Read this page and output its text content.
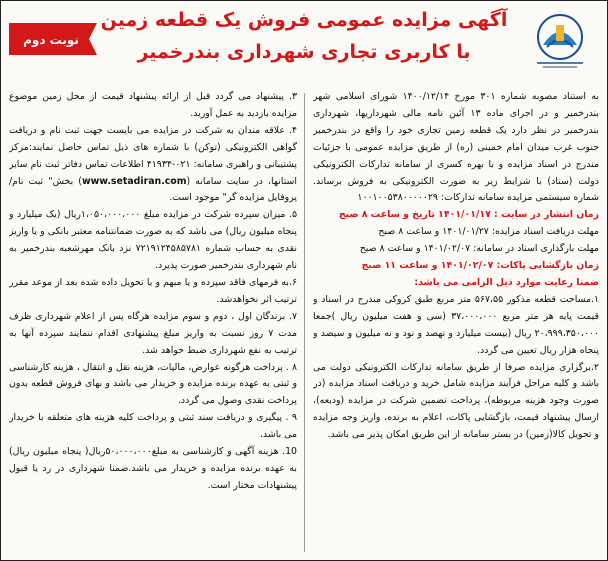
آگهی مزایده عمومی فروش یک قطعه زمین
با کاربری تجاری شهرداری بندرخمیر
نوبت دوم

به استناد مصوبه شماره ۳۰۱ مورخ ۱۴۰۰/۱۲/۱۴ شورای اسلامی شهر بندرخمیر و در اجرای ماده ۱۳ آئین نامه مالی شهرداریها، شهرداری بندرخمیر در نظر دارد یک قطعه زمین تجاری خود را واقع در بندرخمیر جنوب غرب میدان امام خمینی (ره) از طریق مزایده عمومی با جزئیات مندرج در اسناد مزایده و با بهره کسری از سامانه تدارکات الکترونیکی دولت (ستاد) با شرایط زیر به صورت الکترونیکی به فروش برساند. شماره سیستمی مزایده سامانه تدارکات: ۱۰۰۱۰۰۵۳۸۰۰۰۰۰۲۹

زمان انتشار در سایت : ۱۴۰۱/۰۱/۱۷ تاریخ و ساعت ۸ صبح

مهلت دریافت اسناد مزایده: ۱۴۰۱/۰۱/۲۷ و ساعت ۸ صبح

مهلت بارگذاری اسناد در سامانه: ۱۴۰۱/۰۲/۰۷ و ساعت ۸ صبح

زمان بازگشایی پاکات: ۱۴۰۱/۰۲/۰۷ و ساعت ۱۱ صبح

ضمنا رعایت موارد ذیل الزامی می باشد:

۱.مساحت قطعه مذکور ۵۶۷،۵۵ متر مربع طبق کروکی مندرج در اسناد و قیمت پایه هر متر مربع ۳۷،۰۰۰،۰۰۰ (سی و هفت میلیون ریال )جمعا ۲۰،۹۹۹،۳۵۰،۰۰۰ ریال (بیست میلیارد و نهصد و نود و نه میلیون و سیصد و پنجاه هزار ریال تعیین می گردد.

۲.برگزاری مزایده صرفا از طریق سامانه تدارکات الکترونیکی دولت می باشد و کلیه مراحل فرآیند مزایده شامل خرید و دریافت اسناد مزایده (در صورت وجود هزینه مربوطه)، پرداخت تضمین شرکت در مزایده (ودیعه)، ارسال پیشنهاد قیمت، بازگشایی پاکات، اعلام به برنده، واریز وجه مزایده و تحویل کالا(زمین) در بستر سامانه از این طریق امکان پذیر می باشد.

۳. پیشنهاد می گردد قبل از ارائه پیشنهاد قیمت از محل زمین موضوع مزایده بازدید به عمل آورید.

۴. علاقه مندان به شرکت در مزایده می بایست جهت ثبت نام و دریافت گواهی الکترونیکی (توکن) با شماره های ذیل تماس حاصل نمایند:مرکز پشتیبانی و راهبری سامانه: ۰۲۱-۴۱۹۳۴ اطلاعات تماس دفاتر ثبت نام سایر استانها، در سایت سامانه (www.setadiran.com) بخش" ثبت نام/ پروفایل مزایده گر" موجود است.

۵. میزان سپرده شرکت در مزایده مبلغ ۱،۰۵۰،۰۰۰،۰۰۰ریال (یک میلیارد و پنجاه میلیون ریال) می باشد که به صورت ضمانتنامه معتبر بانکی و یا واریز نقدی به حساب شماره ۷۲۱۹۱۲۴۵۸۵۷۸۱ نزد بانک مهرشعبه بندرخمیر به نام شهرداری بندرخمیر صورت پذیرد.

۶.به فرمهای فاقد سپرده و یا مبهم و یا تحویل داده شده بعد از موعد مقرر ترتیب اثر نخواهدشد.

۷. برندگان اول ، دوم و سوم مزایده هرگاه پس از اعلام شهرداری ظرف مدت ۷ روز نسبت به واریز مبلغ پیشنهادی اقدام ننمایند سپرده آنها به ترتیب به نفع شهرداری ضبط خواهد شد.

۸ . پرداخت هرگونه عوارض، مالیات، هزینه نقل و انتقال ، هزینه کارشناسی و ثبتی به عهده برنده مزایده و خریدار می باشد و بهای فروش قطعه بدون پرداخت نقدی وصول می گردد.

۹ . پیگیری و دریافت سند ثبتی و پرداخت کلیه هزینه های متعلقه با خریدار می باشد.

10. هزینه آگهی و کارشناسی به مبلغ۵۰،۰۰۰،۰۰۰ریال( پنجاه میلیون ریال) به عهده برنده مزایده و خریدار می باشد.ضمنا شهرداری در رد یا قبول پیشنهادات مختار است.
